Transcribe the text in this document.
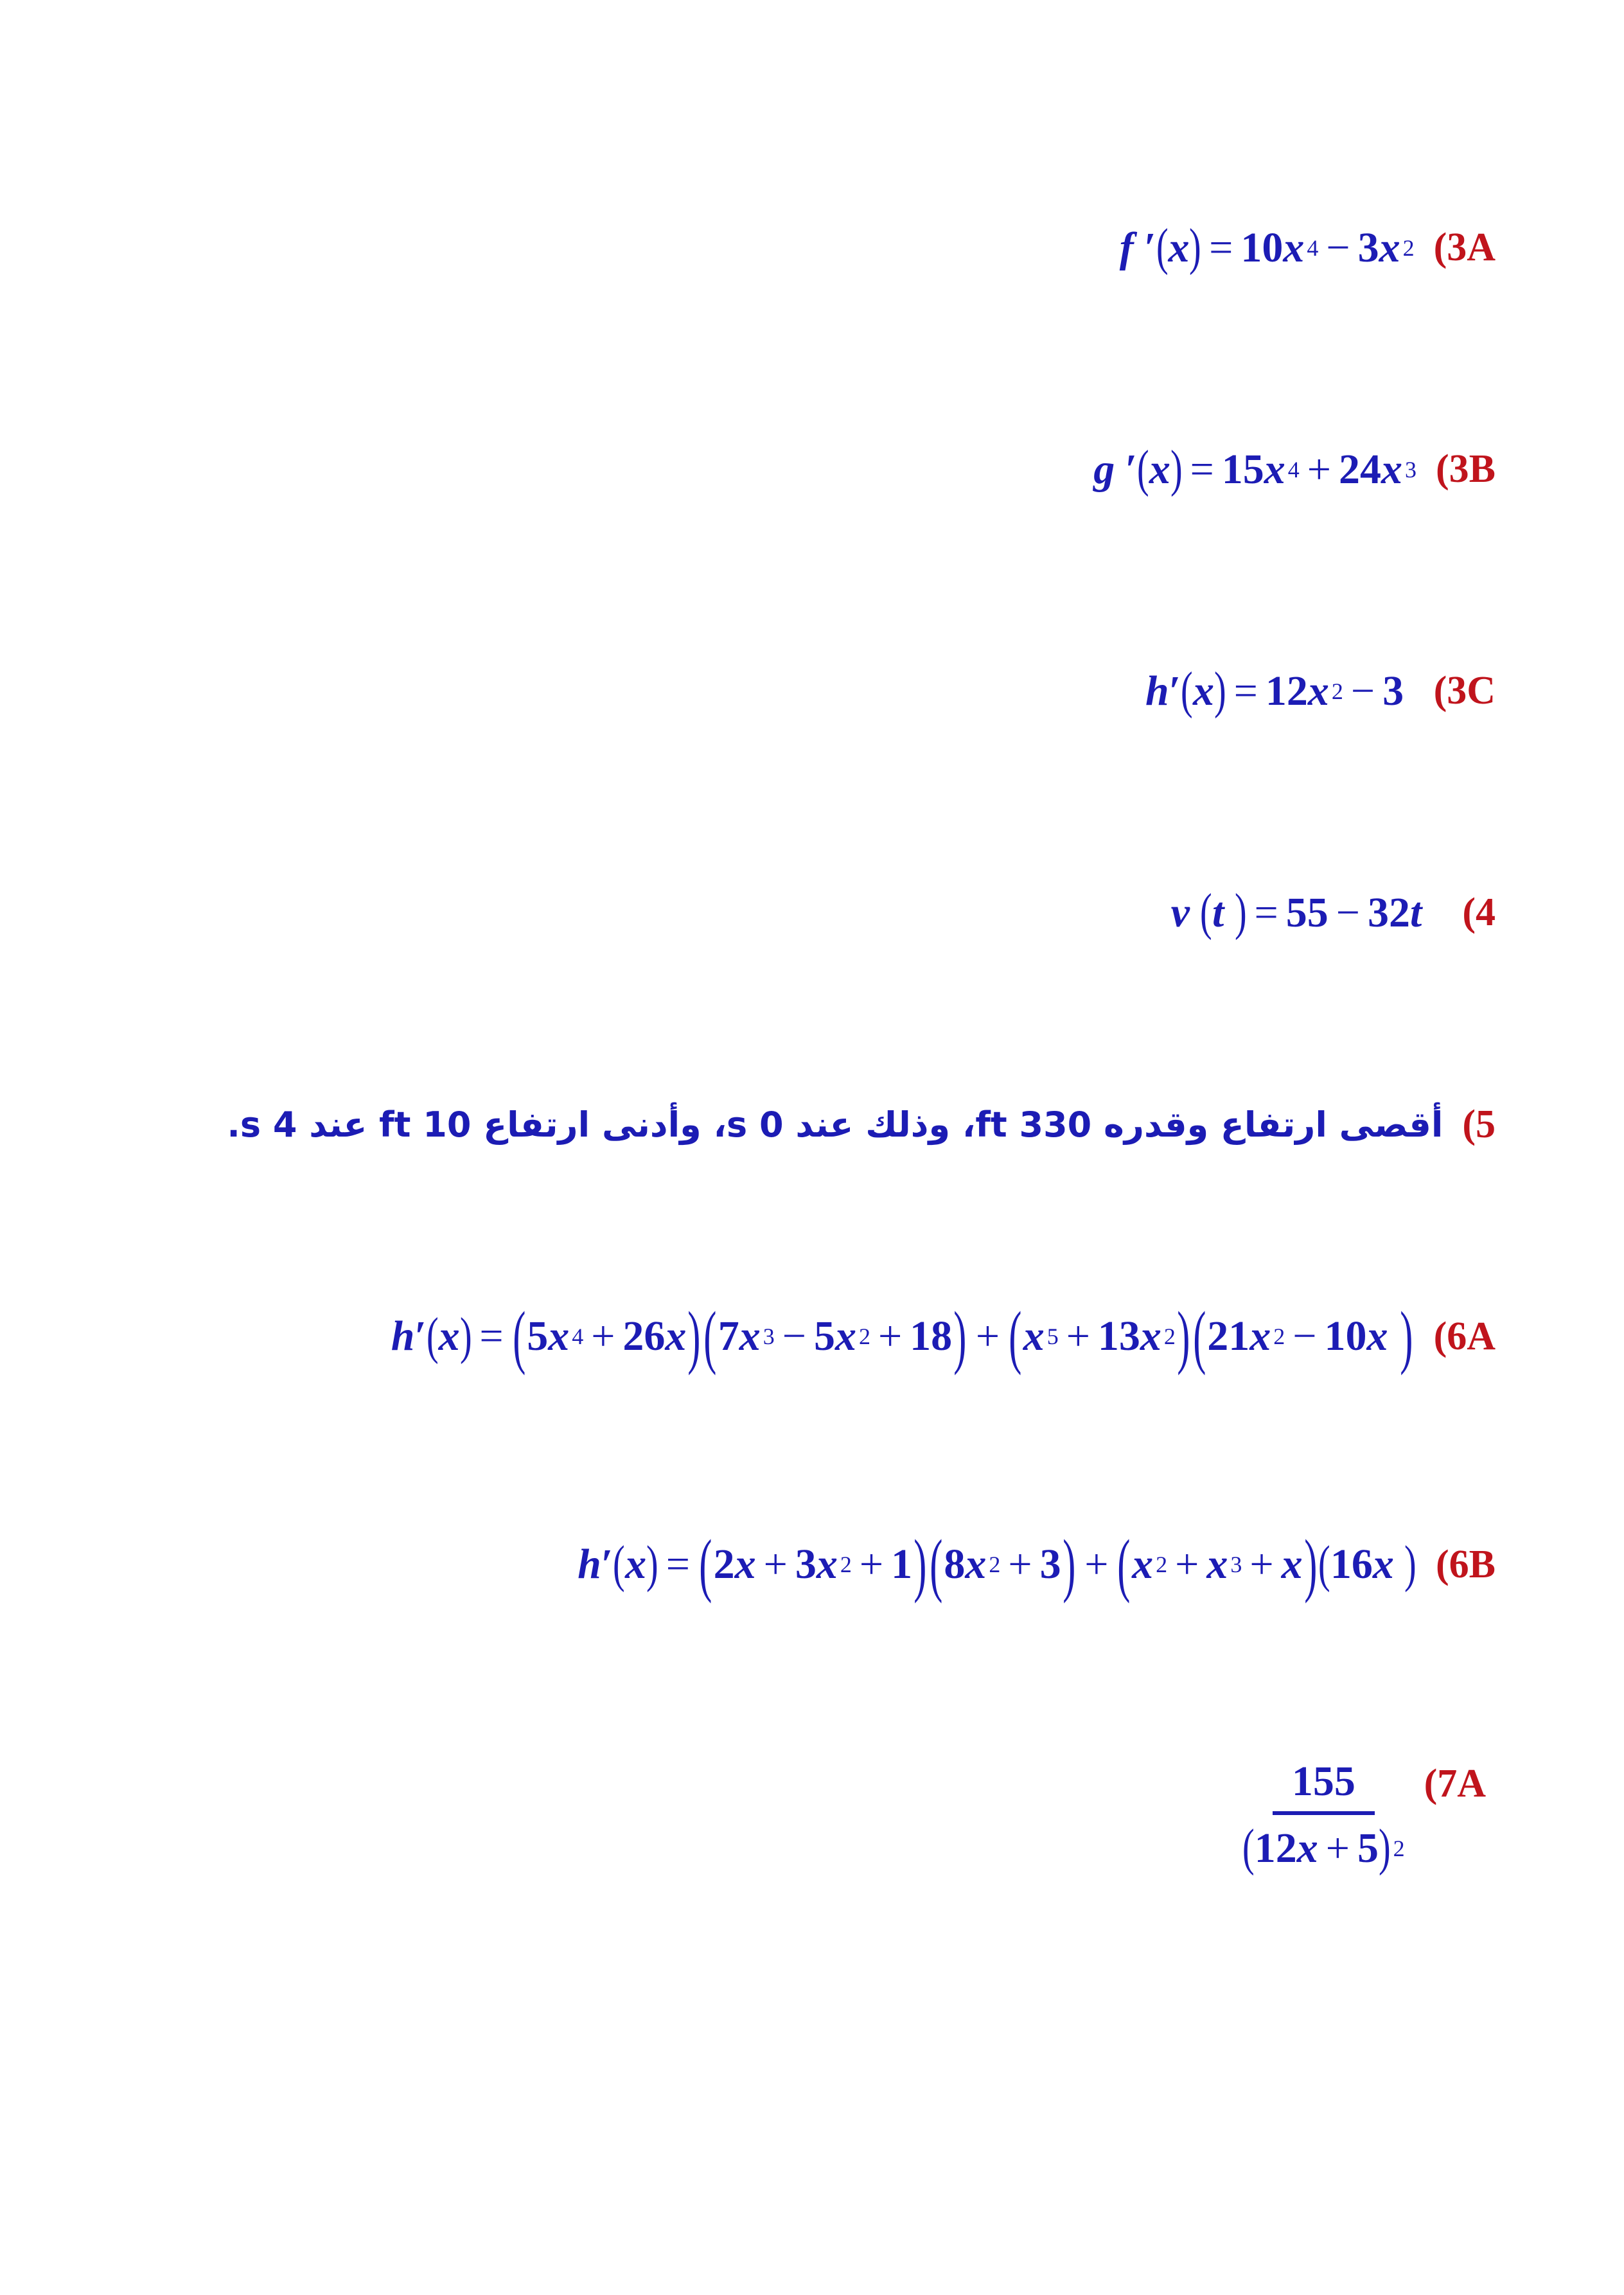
(3A
f ′ ( x ) = 10 x 4 − 3 x 2
(3B
g ′ ( x ) = 15 x 4 + 24 x 3
(3C
h ′ ( x ) = 12 x 2 − 3
(4
v
( t
) = 55 − 32 t

(5
أقصى ارتفاع وقدره 330 ft، وذلك عند 0 s، وأدنى ارتفاع 10 ft عند 4 s.
(6A
h ′ ( x ) = ( 5 x 4 + 26 x ) ( 7 x 3 − 5 x 2 + 18 ) + ( x 5 + 13 x 2 ) ( 21 x 2 − 10 x
)
(6B
h ′ ( x ) = ( 2 x + 3 x 2 + 1 ) ( 8 x 2 + 3 ) + ( x 2 + x 3 + x ) ( 16 x
)
(7A
$\frac{155}{( 12 x + 5 ) 2}$
